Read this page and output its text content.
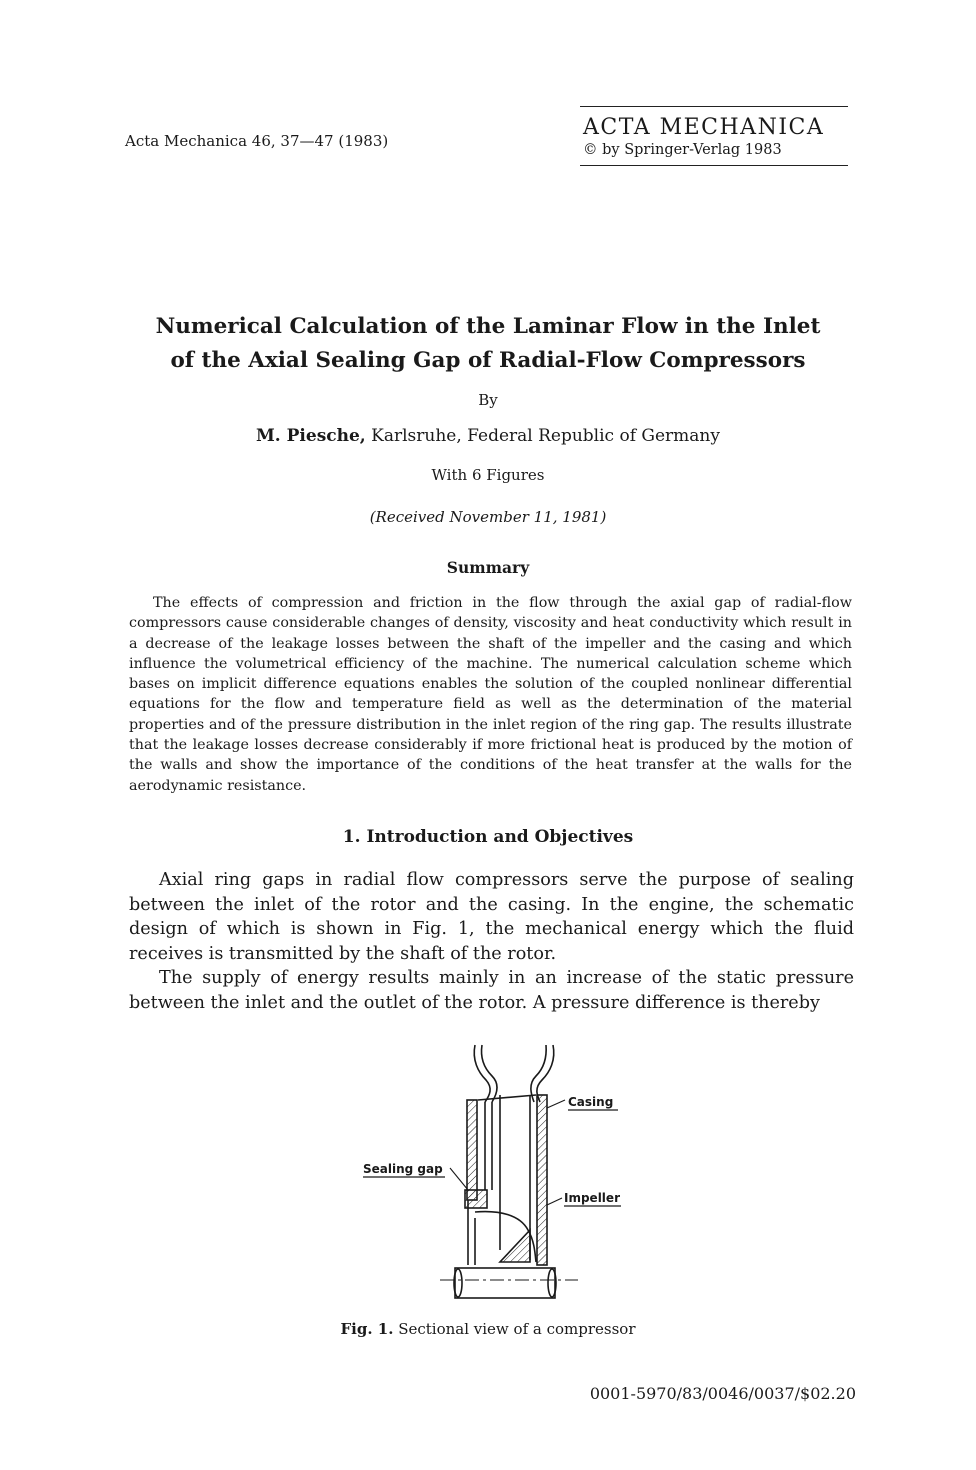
Acta Mechanica 46, 37—47 (1983)
ACTA MECHANICA
© by Springer-Verlag 1983
Numerical Calculation of the Laminar Flow in the Inlet
of the Axial Sealing Gap of Radial-Flow Compressors
By
M. Piesche, Karlsruhe, Federal Republic of Germany
With 6 Figures
(Received November 11, 1981)
Summary

The effects of compression and friction in the flow through the axial gap of radial-flow compressors cause considerable changes of density, viscosity and heat conductivity which result in a decrease of the leakage losses between the shaft of the impeller and the casing and which influence the volumetrical efficiency of the machine. The numerical calculation scheme which bases on implicit difference equations enables the solution of the coupled nonlinear differential equations for the flow and temperature field as well as the determination of the material properties and of the pressure distribution in the inlet region of the ring gap. The results illustrate that the leakage losses decrease considerably if more frictional heat is produced by the motion of the walls and show the importance of the conditions of the heat transfer at the walls for the aerodynamic resistance.

1. Introduction and Objectives

Axial ring gaps in radial flow compressors serve the purpose of sealing between the inlet of the rotor and the casing. In the engine, the schematic design of which is shown in Fig. 1, the mechanical energy which the fluid receives is transmitted by the shaft of the rotor.

The supply of energy results mainly in an increase of the static pressure between the inlet and the outlet of the rotor. A pressure difference is thereby

Casing
Sealing gap
Impeller
Fig. 1. Sectional view of a compressor
0001-5970/83/0046/0037/$02.20
